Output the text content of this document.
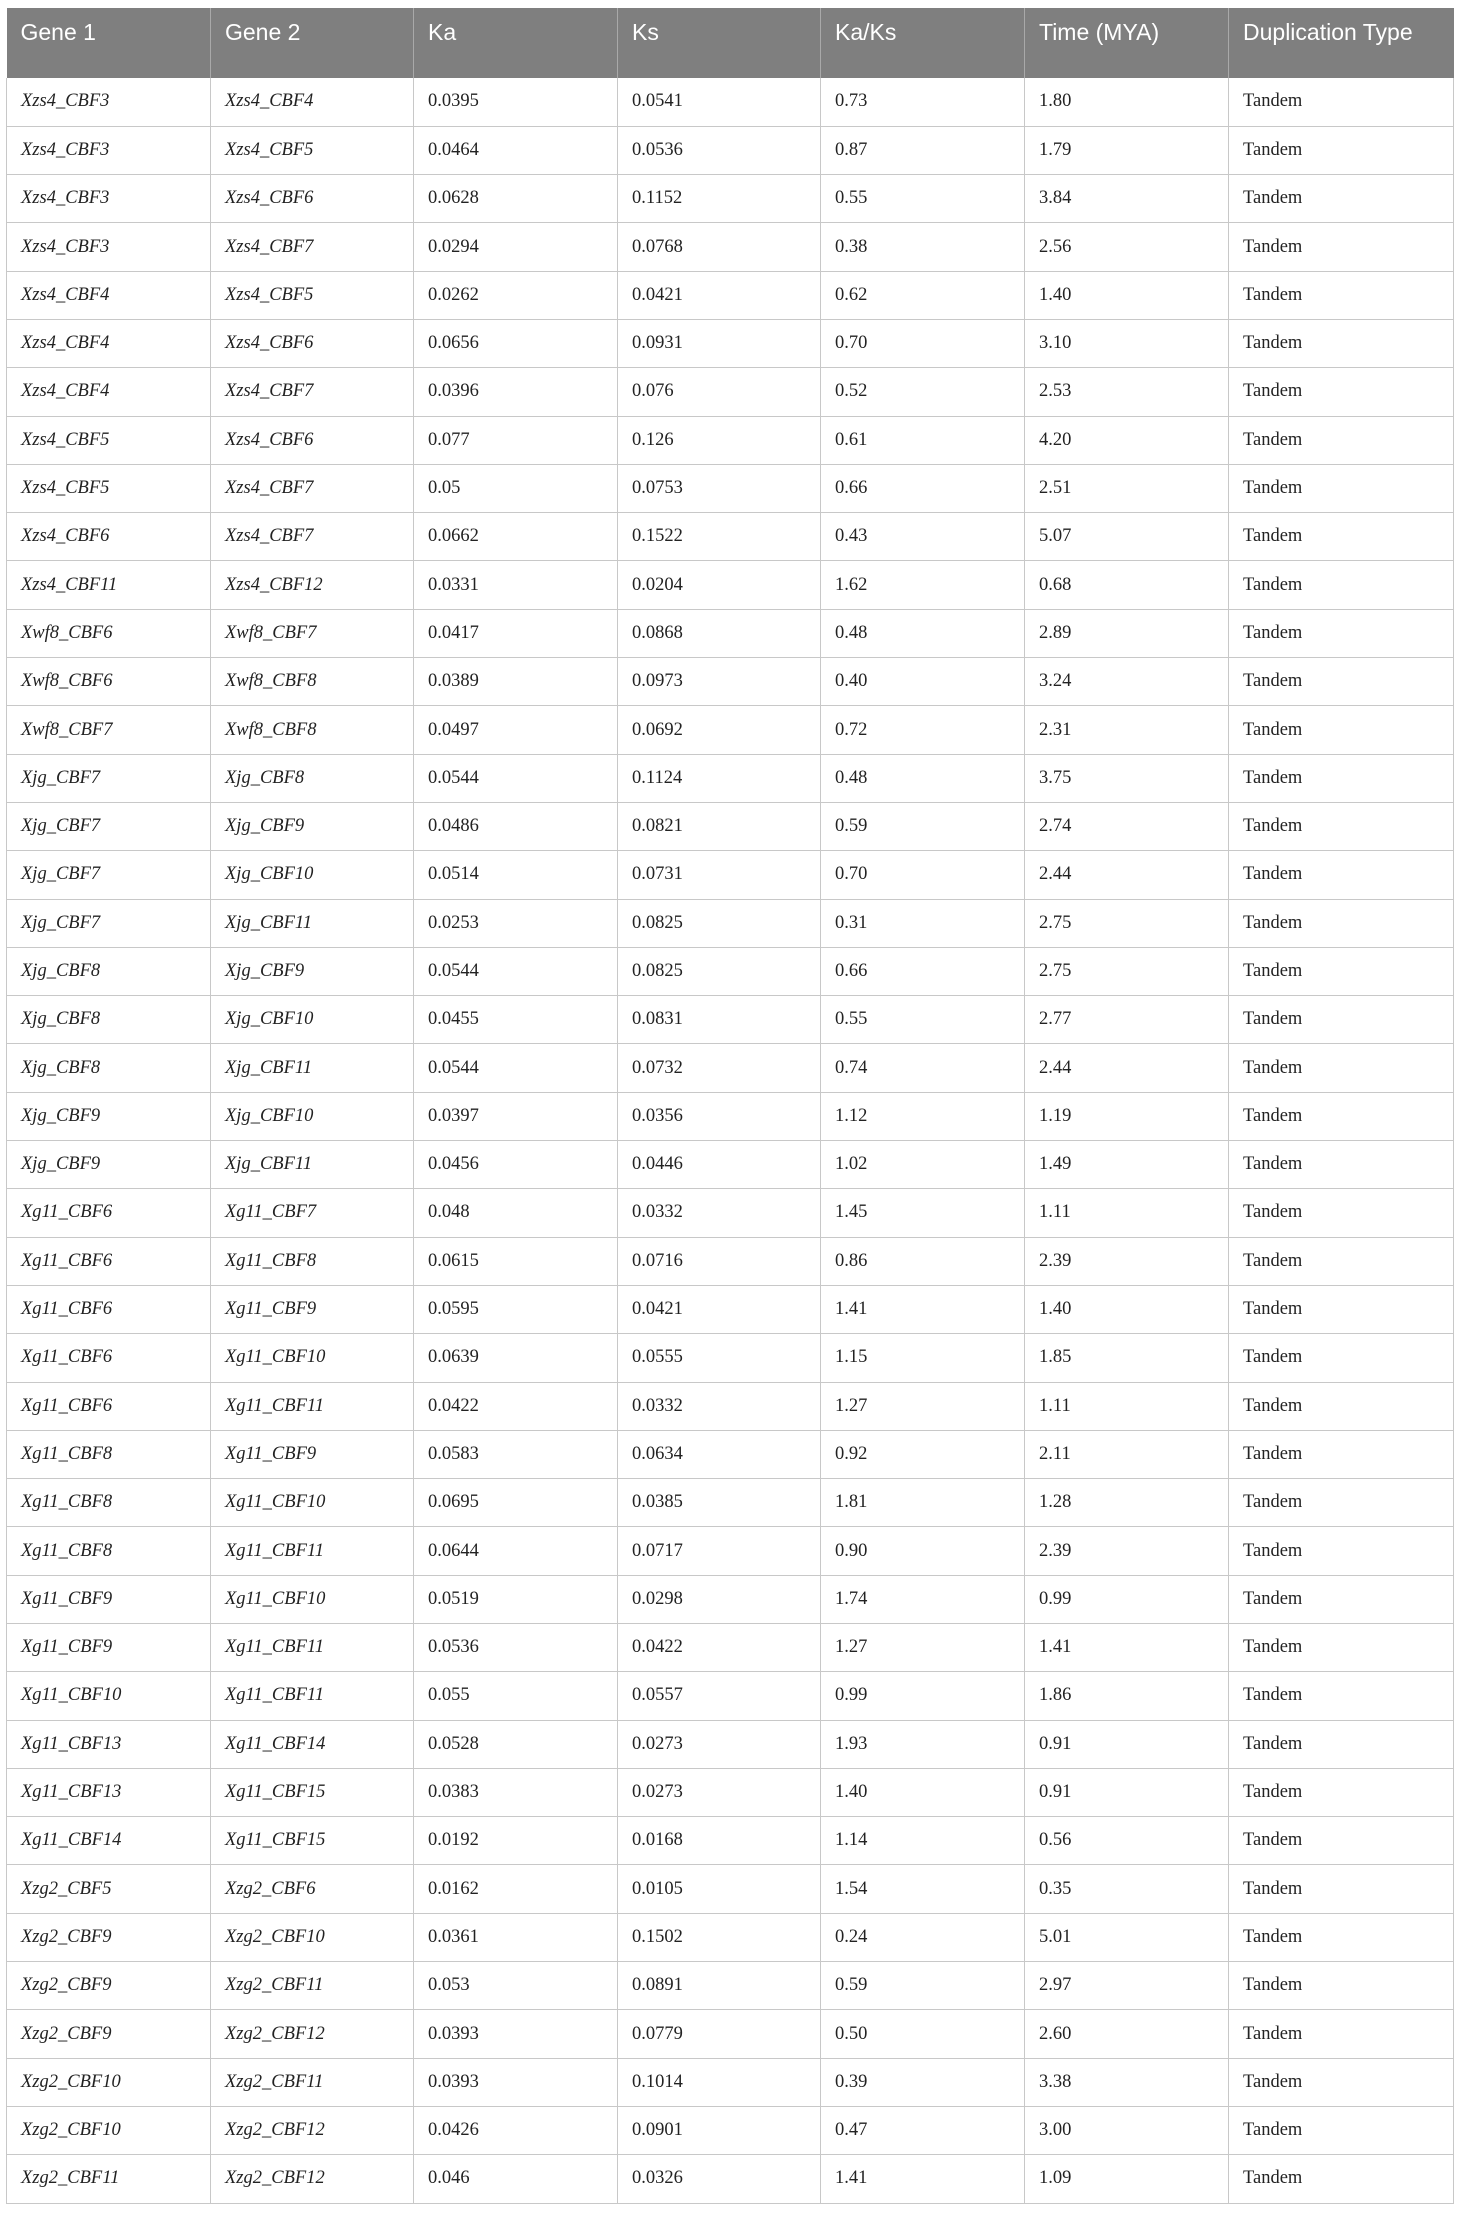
Gene 1	Gene 2	Ka	Ks	Ka/Ks	Time (MYA)	Duplication Type
Xzs4_CBF3	Xzs4_CBF4	0.0395	0.0541	0.73	1.80	Tandem
Xzs4_CBF3	Xzs4_CBF5	0.0464	0.0536	0.87	1.79	Tandem
Xzs4_CBF3	Xzs4_CBF6	0.0628	0.1152	0.55	3.84	Tandem
Xzs4_CBF3	Xzs4_CBF7	0.0294	0.0768	0.38	2.56	Tandem
Xzs4_CBF4	Xzs4_CBF5	0.0262	0.0421	0.62	1.40	Tandem
Xzs4_CBF4	Xzs4_CBF6	0.0656	0.0931	0.70	3.10	Tandem
Xzs4_CBF4	Xzs4_CBF7	0.0396	0.076	0.52	2.53	Tandem
Xzs4_CBF5	Xzs4_CBF6	0.077	0.126	0.61	4.20	Tandem
Xzs4_CBF5	Xzs4_CBF7	0.05	0.0753	0.66	2.51	Tandem
Xzs4_CBF6	Xzs4_CBF7	0.0662	0.1522	0.43	5.07	Tandem
Xzs4_CBF11	Xzs4_CBF12	0.0331	0.0204	1.62	0.68	Tandem
Xwf8_CBF6	Xwf8_CBF7	0.0417	0.0868	0.48	2.89	Tandem
Xwf8_CBF6	Xwf8_CBF8	0.0389	0.0973	0.40	3.24	Tandem
Xwf8_CBF7	Xwf8_CBF8	0.0497	0.0692	0.72	2.31	Tandem
Xjg_CBF7	Xjg_CBF8	0.0544	0.1124	0.48	3.75	Tandem
Xjg_CBF7	Xjg_CBF9	0.0486	0.0821	0.59	2.74	Tandem
Xjg_CBF7	Xjg_CBF10	0.0514	0.0731	0.70	2.44	Tandem
Xjg_CBF7	Xjg_CBF11	0.0253	0.0825	0.31	2.75	Tandem
Xjg_CBF8	Xjg_CBF9	0.0544	0.0825	0.66	2.75	Tandem
Xjg_CBF8	Xjg_CBF10	0.0455	0.0831	0.55	2.77	Tandem
Xjg_CBF8	Xjg_CBF11	0.0544	0.0732	0.74	2.44	Tandem
Xjg_CBF9	Xjg_CBF10	0.0397	0.0356	1.12	1.19	Tandem
Xjg_CBF9	Xjg_CBF11	0.0456	0.0446	1.02	1.49	Tandem
Xg11_CBF6	Xg11_CBF7	0.048	0.0332	1.45	1.11	Tandem
Xg11_CBF6	Xg11_CBF8	0.0615	0.0716	0.86	2.39	Tandem
Xg11_CBF6	Xg11_CBF9	0.0595	0.0421	1.41	1.40	Tandem
Xg11_CBF6	Xg11_CBF10	0.0639	0.0555	1.15	1.85	Tandem
Xg11_CBF6	Xg11_CBF11	0.0422	0.0332	1.27	1.11	Tandem
Xg11_CBF8	Xg11_CBF9	0.0583	0.0634	0.92	2.11	Tandem
Xg11_CBF8	Xg11_CBF10	0.0695	0.0385	1.81	1.28	Tandem
Xg11_CBF8	Xg11_CBF11	0.0644	0.0717	0.90	2.39	Tandem
Xg11_CBF9	Xg11_CBF10	0.0519	0.0298	1.74	0.99	Tandem
Xg11_CBF9	Xg11_CBF11	0.0536	0.0422	1.27	1.41	Tandem
Xg11_CBF10	Xg11_CBF11	0.055	0.0557	0.99	1.86	Tandem
Xg11_CBF13	Xg11_CBF14	0.0528	0.0273	1.93	0.91	Tandem
Xg11_CBF13	Xg11_CBF15	0.0383	0.0273	1.40	0.91	Tandem
Xg11_CBF14	Xg11_CBF15	0.0192	0.0168	1.14	0.56	Tandem
Xzg2_CBF5	Xzg2_CBF6	0.0162	0.0105	1.54	0.35	Tandem
Xzg2_CBF9	Xzg2_CBF10	0.0361	0.1502	0.24	5.01	Tandem
Xzg2_CBF9	Xzg2_CBF11	0.053	0.0891	0.59	2.97	Tandem
Xzg2_CBF9	Xzg2_CBF12	0.0393	0.0779	0.50	2.60	Tandem
Xzg2_CBF10	Xzg2_CBF11	0.0393	0.1014	0.39	3.38	Tandem
Xzg2_CBF10	Xzg2_CBF12	0.0426	0.0901	0.47	3.00	Tandem
Xzg2_CBF11	Xzg2_CBF12	0.046	0.0326	1.41	1.09	Tandem
